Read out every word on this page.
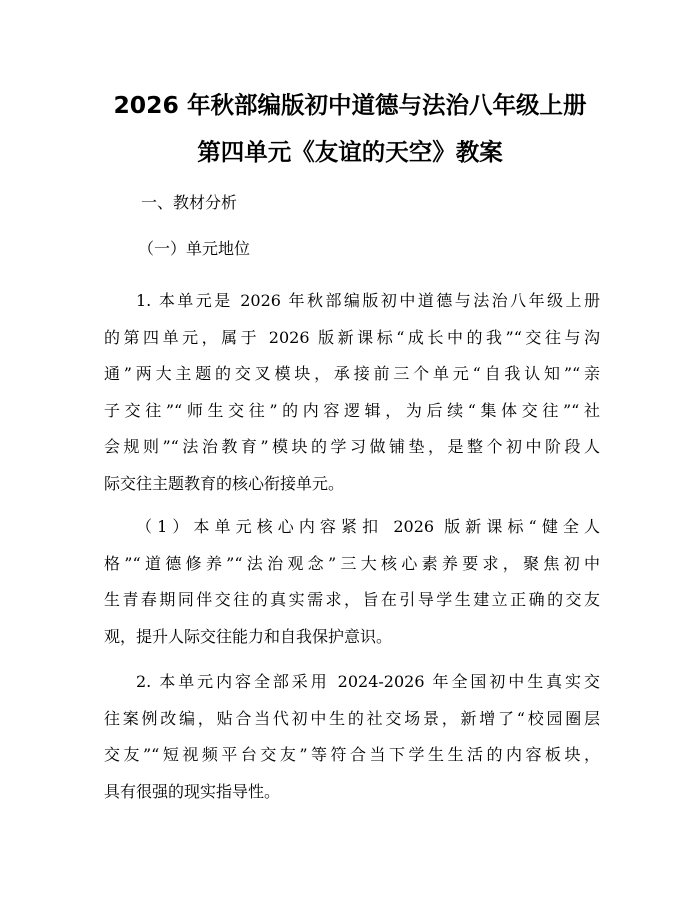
2026 年秋部编版初中道德与法治八年级上册
第四单元《友谊的天空》教案
一、教材分析
（一）单元地位
1. 本单元是 2026 年秋部编版初中道德与法治八年级上册
的第四单元，属于 2026 版新课标“成长中的我”“交往与沟
通”两大主题的交叉模块，承接前三个单元“自我认知”“亲
子交往”“师生交往”的内容逻辑，为后续“集体交往”“社
会规则”“法治教育”模块的学习做铺垫，是整个初中阶段人
际交往主题教育的核心衔接单元。
（1）本单元核心内容紧扣 2026 版新课标“健全人
格”“道德修养”“法治观念”三大核心素养要求，聚焦初中
生青春期同伴交往的真实需求，旨在引导学生建立正确的交友
观，提升人际交往能力和自我保护意识。
2. 本单元内容全部采用 2024-2026 年全国初中生真实交
往案例改编，贴合当代初中生的社交场景，新增了“校园圈层
交友”“短视频平台交友”等符合当下学生生活的内容板块，
具有很强的现实指导性。
